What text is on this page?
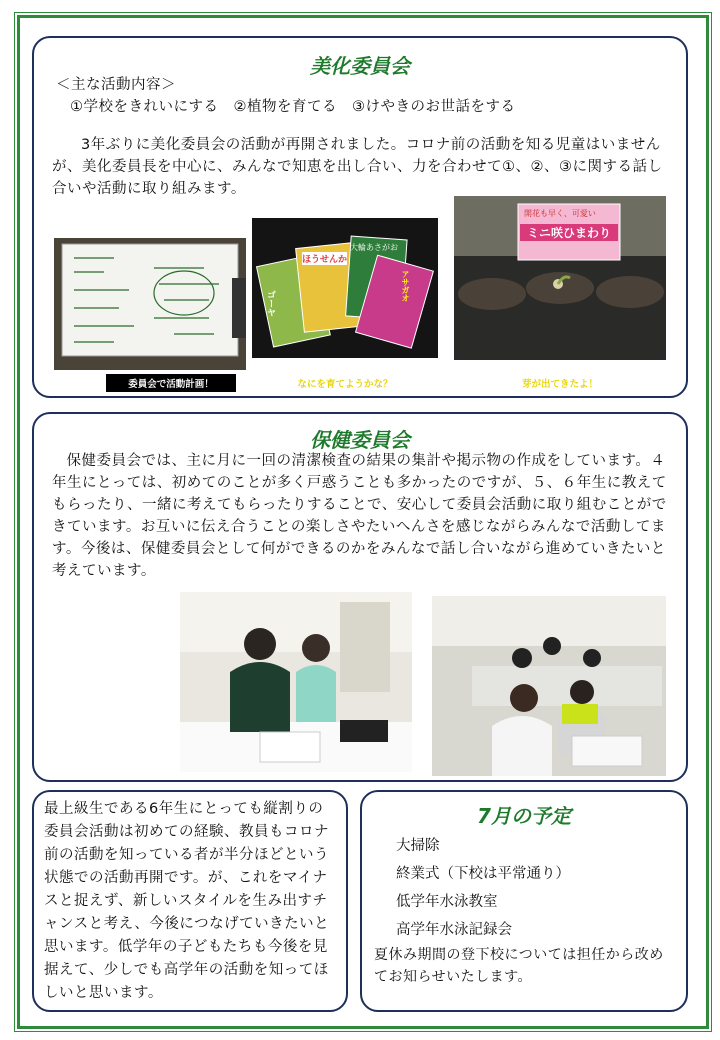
美化委員会
＜主な活動内容＞
①学校をきれいにする　②植物を育てる　③けやきのお世話をする
3年ぶりに美化委員会の活動が再開されました。コロナ前の活動を知る児童はいませんが、美化委員長を中心に、みんなで知恵を出し合い、力を合わせて①、②、③に関する話し合いや活動に取り組みます。
委員会で活動計画！
ほうせんか
ゴーヤ
大輪あさがお
アサガオ
なにを育てようかな？
開花も早く、可愛い
ミニ咲ひまわり
芽が出てきたよ！
保健委員会
保健委員会では、主に月に一回の清潔検査の結果の集計や掲示物の作成をしています。４年生にとっては、初めてのことが多く戸惑うことも多かったのですが、５、６年生に教えてもらったり、一緒に考えてもらったりすることで、安心して委員会活動に取り組むことができています。お互いに伝え合うことの楽しさやたいへんさを感じながらみんなで活動してます。今後は、保健委員会として何ができるのかをみんなで話し合いながら進めていきたいと考えています。
最上級生である6年生にとっても縦割りの委員会活動は初めての経験、教員もコロナ前の活動を知っている者が半分ほどという状態での活動再開です。が、これをマイナスと捉えず、新しいスタイルを生み出すチャンスと考え、今後につなげていきたいと思います。低学年の子どもたちも今後を見据えて、少しでも高学年の活動を知ってほしいと思います。
7月の予定
大掃除
終業式（下校は平常通り）
低学年水泳教室
高学年水泳記録会
夏休み期間の登下校については担任から改めてお知らせいたします。
